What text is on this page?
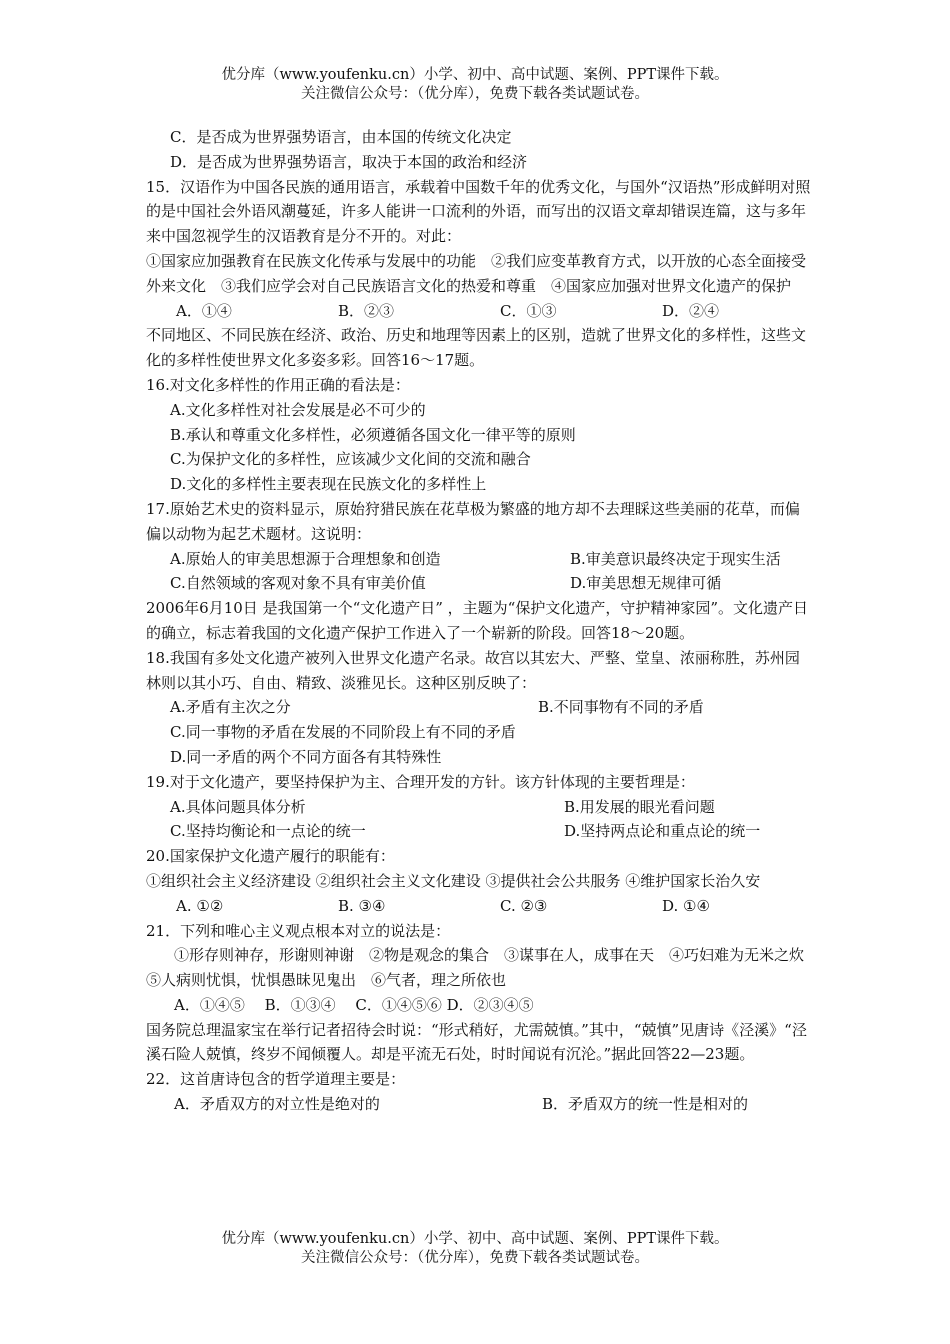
优分库（www.youfenku.cn）小学、初中、高中试题、案例、PPT课件下载。
关注微信公众号：（优分库），免费下载各类试题试卷。

C．是否成为世界强势语言，由本国的传统文化决定

D．是否成为世界强势语言，取决于本国的政治和经济

15．汉语作为中国各民族的通用语言，承载着中国数千年的优秀文化，与国外“汉语热”形成鲜明对照的是中国社会外语风潮蔓延，许多人能讲一口流利的外语，而写出的汉语文章却错误连篇，这与多年来中国忽视学生的汉语教育是分不开的。对此：

①国家应加强教育在民族文化传承与发展中的功能　②我们应变革教育方式，以开放的心态全面接受外来文化　③我们应学会对自己民族语言文化的热爱和尊重　④国家应加强对世界文化遗产的保护

A．①④	B．②③	C．①③	D．②④

不同地区、不同民族在经济、政治、历史和地理等因素上的区别，造就了世界文化的多样性，这些文化的多样性使世界文化多姿多彩。回答16～17题。

16.对文化多样性的作用正确的看法是：

A.文化多样性对社会发展是必不可少的

B.承认和尊重文化多样性，必须遵循各国文化一律平等的原则

C.为保护文化的多样性，应该减少文化间的交流和融合

D.文化的多样性主要表现在民族文化的多样性上

17.原始艺术史的资料显示，原始狩猎民族在花草极为繁盛的地方却不去理睬这些美丽的花草，而偏偏以动物为起艺术题材。这说明：

A.原始人的审美思想源于合理想象和创造	B.审美意识最终决定于现实生活
C.自然领域的客观对象不具有审美价值	D.审美思想无规律可循

2006年6月10日 是我国第一个“文化遗产日” ，主题为“保护文化遗产，守护精神家园”。文化遗产日的确立，标志着我国的文化遗产保护工作进入了一个崭新的阶段。回答18～20题。

18.我国有多处文化遗产被列入世界文化遗产名录。故宫以其宏大、严整、堂皇、浓丽称胜，苏州园林则以其小巧、自由、精致、淡雅见长。这种区别反映了：

A.矛盾有主次之分	B.不同事物有不同的矛盾

C.同一事物的矛盾在发展的不同阶段上有不同的矛盾

D.同一矛盾的两个不同方面各有其特殊性

19.对于文化遗产，要坚持保护为主、合理开发的方针。该方针体现的主要哲理是：

A.具体问题具体分析	B.用发展的眼光看问题
C.坚持均衡论和一点论的统一	D.坚持两点论和重点论的统一

20.国家保护文化遗产履行的职能有：

①组织社会主义经济建设 ②组织社会主义文化建设 ③提供社会公共服务 ④维护国家长治久安

A. ①②	B. ③④	C. ②③	D. ①④

21．下列和唯心主义观点根本对立的说法是：

①形存则神存，形谢则神谢　②物是观念的集合　③谋事在人，成事在天　④巧妇难为无米之炊　⑤人病则忧惧，忧惧愚昧见鬼出　⑥气者，理之所依也

A．①④⑤　 B．①③④　 C．①④⑤⑥ D．②③④⑤

国务院总理温家宝在举行记者招待会时说：“形式稍好，尤需兢慎。”其中，“兢慎”见唐诗《泾溪》“泾溪石险人兢慎，终岁不闻倾覆人。却是平流无石处，时时闻说有沉沦。”据此回答22—23题。

22．这首唐诗包含的哲学道理主要是：

A．矛盾双方的对立性是绝对的	B．矛盾双方的统一性是相对的
优分库（www.youfenku.cn）小学、初中、高中试题、案例、PPT课件下载。
关注微信公众号：（优分库），免费下载各类试题试卷。
